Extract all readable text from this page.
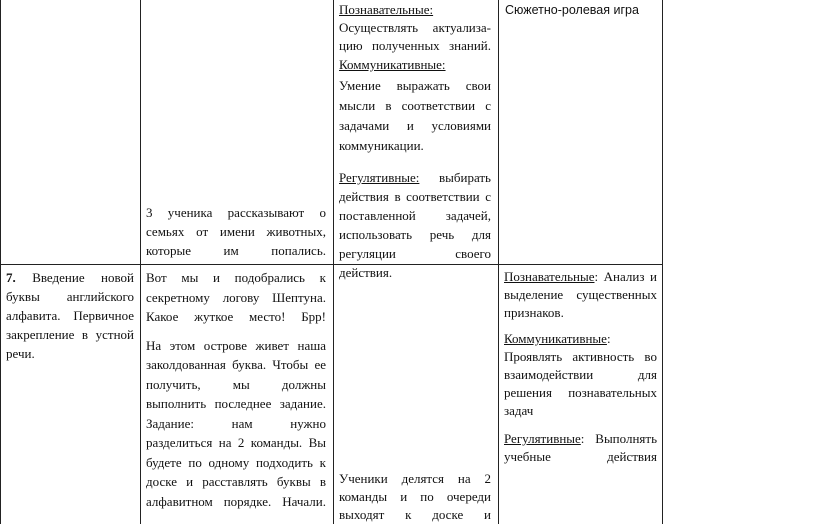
3 ученика рассказывают о семьях от имени животных, которые им попались.

Познавательные:

Осуществлять актуализа-цию полученных знаний.

Коммуникативные:

Умение выражать свои мысли в соответствии с задачами и условиями коммуникации.

Регулятивные: выбирать действия в соответствии с поставленной задачей, использовать речь для регуляции своего действия.

Сюжетно-ролевая игра
7. Введение новой буквы английского алфавита. Первичное закрепление в устной речи.

Вот мы и подобрались к секретному логову Шептуна. Какое жуткое место! Брр!

На этом острове живет наша заколдованная буква. Чтобы ее получить, мы должны выполнить последнее задание. Задание: нам нужно разделиться на 2 команды. Вы будете по одному подходить к доске и расставлять буквы в алфавитном порядке. Начали.

Ученики делятся на 2 команды и по очереди выходят к доске и

Познавательные: Анализ и выделение существенных признаков.

Коммуникативные:

Проявлять активность во взаимодействии для решения познавательных задач

Регулятивные: Выполнять учебные действия
